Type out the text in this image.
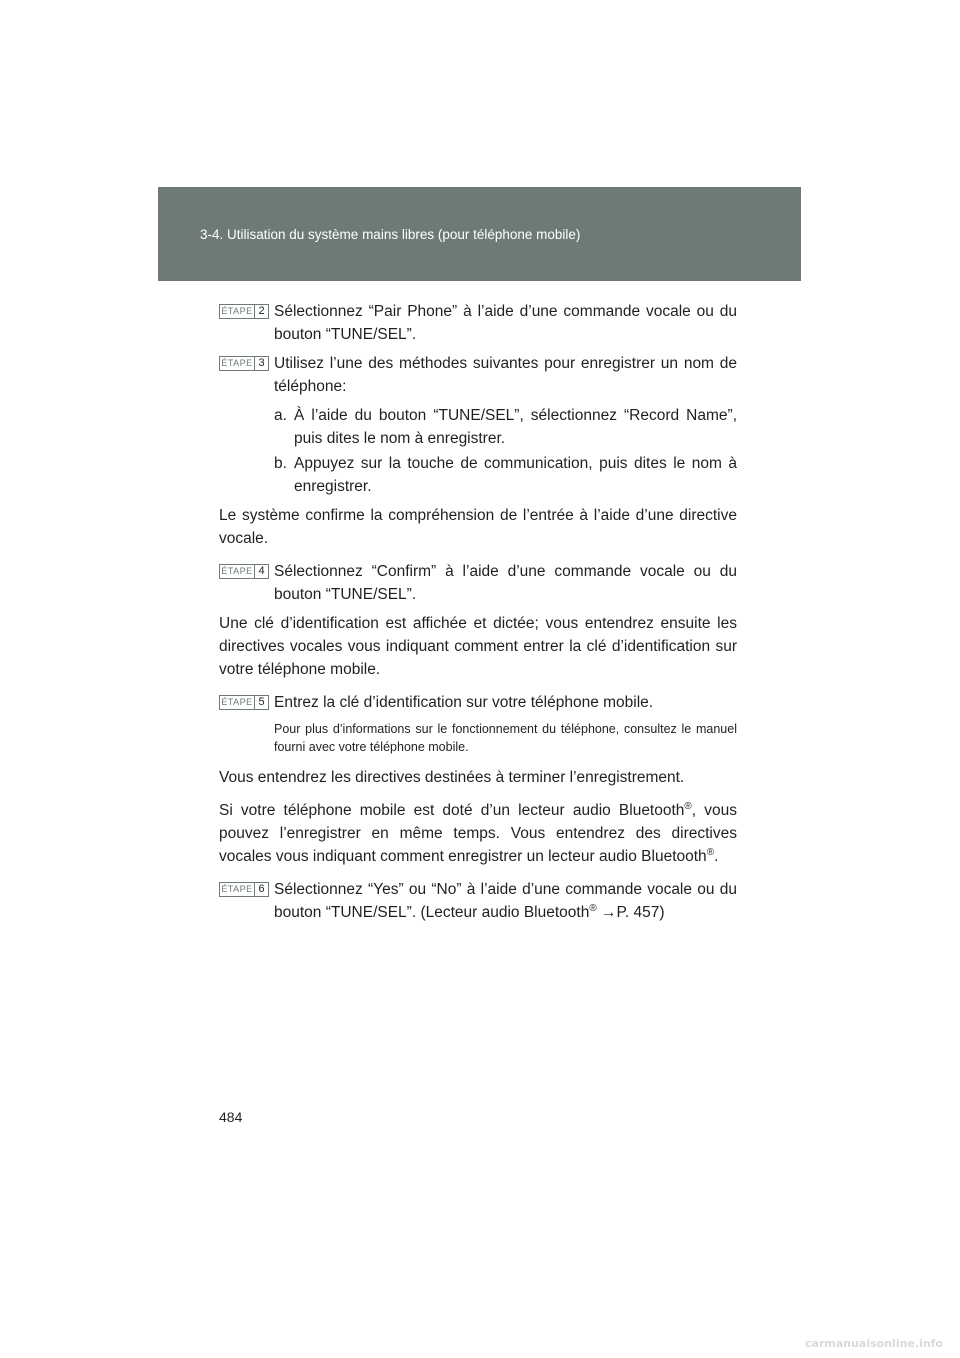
3-4. Utilisation du système mains libres (pour téléphone mobile)
ÉTAPE 2 Sélectionnez “Pair Phone” à l’aide d’une commande vocale ou du bouton “TUNE/SEL”.
ÉTAPE 3 Utilisez l’une des méthodes suivantes pour enregistrer un nom de téléphone:
a. À l’aide du bouton “TUNE/SEL”, sélectionnez “Record Name”, puis dites le nom à enregistrer.
b. Appuyez sur la touche de communication, puis dites le nom à enregistrer.

Le système confirme la compréhension de l’entrée à l’aide d’une directive vocale.

ÉTAPE 4 Sélectionnez “Confirm” à l’aide d’une commande vocale ou du bouton “TUNE/SEL”.

Une clé d’identification est affichée et dictée; vous entendrez ensuite les directives vocales vous indiquant comment entrer la clé d’identification sur votre téléphone mobile.

ÉTAPE 5 Entrez la clé d’identification sur votre téléphone mobile.

Pour plus d’informations sur le fonctionnement du téléphone, consultez le manuel fourni avec votre téléphone mobile.

Vous entendrez les directives destinées à terminer l’enregistrement.

Si votre téléphone mobile est doté d’un lecteur audio Bluetooth®, vous pouvez l’enregistrer en même temps. Vous entendrez des directives vocales vous indiquant comment enregistrer un lecteur audio Bluetooth®.

ÉTAPE 6 Sélectionnez “Yes” ou “No” à l’aide d’une commande vocale ou du bouton “TUNE/SEL”. (Lecteur audio Bluetooth® →P. 457)
484
carmanualsonline.info
